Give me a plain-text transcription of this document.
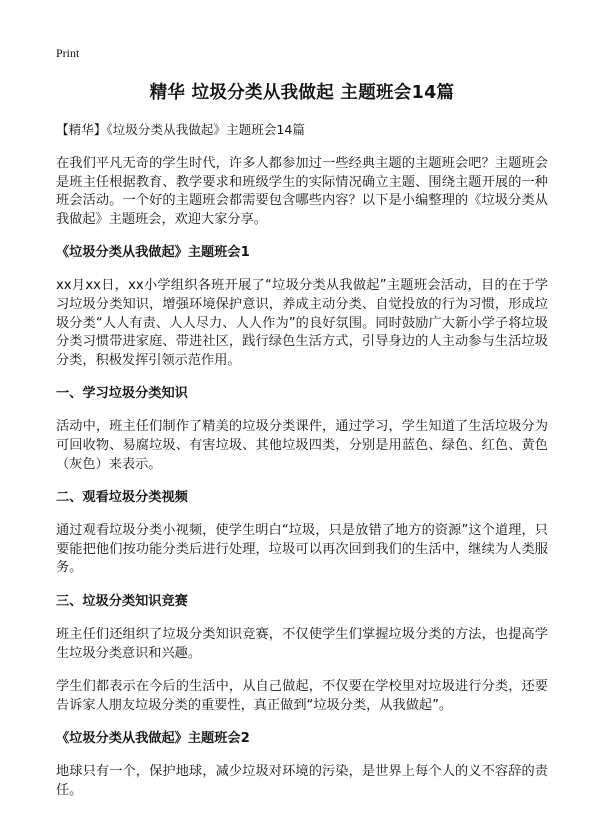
Print
精华 垃圾分类从我做起 主题班会14篇
【精华】《垃圾分类从我做起》主题班会14篇

在我们平凡无奇的学生时代，许多人都参加过一些经典主题的主题班会吧？主题班会是班主任根据教育、教学要求和班级学生的实际情况确立主题、围绕主题开展的一种班会活动。一个好的主题班会都需要包含哪些内容？以下是小编整理的《垃圾分类从我做起》主题班会，欢迎大家分享。

《垃圾分类从我做起》主题班会1

xx月xx日，xx小学组织各班开展了“垃圾分类从我做起”主题班会活动，目的在于学习垃圾分类知识，增强环境保护意识，养成主动分类、自觉投放的行为习惯，形成垃圾分类“人人有责、人人尽力、人人作为”的良好氛围。同时鼓励广大新小学子将垃圾分类习惯带进家庭、带进社区，践行绿色生活方式，引导身边的人主动参与生活垃圾分类，积极发挥引领示范作用。

一、学习垃圾分类知识

活动中，班主任们制作了精美的垃圾分类课件，通过学习，学生知道了生活垃圾分为可回收物、易腐垃圾、有害垃圾、其他垃圾四类，分别是用蓝色、绿色、红色、黄色（灰色）来表示。

二、观看垃圾分类视频

通过观看垃圾分类小视频，使学生明白“垃圾，只是放错了地方的资源”这个道理，只要能把他们按功能分类后进行处理，垃圾可以再次回到我们的生活中，继续为人类服务。

三、垃圾分类知识竞赛

班主任们还组织了垃圾分类知识竞赛，不仅使学生们掌握垃圾分类的方法，也提高学生垃圾分类意识和兴趣。

学生们都表示在今后的生活中，从自己做起，不仅要在学校里对垃圾进行分类，还要告诉家人朋友垃圾分类的重要性，真正做到“垃圾分类，从我做起”。

《垃圾分类从我做起》主题班会2

地球只有一个，保护地球，减少垃圾对环境的污染，是世界上每个人的义不容辞的责任。
